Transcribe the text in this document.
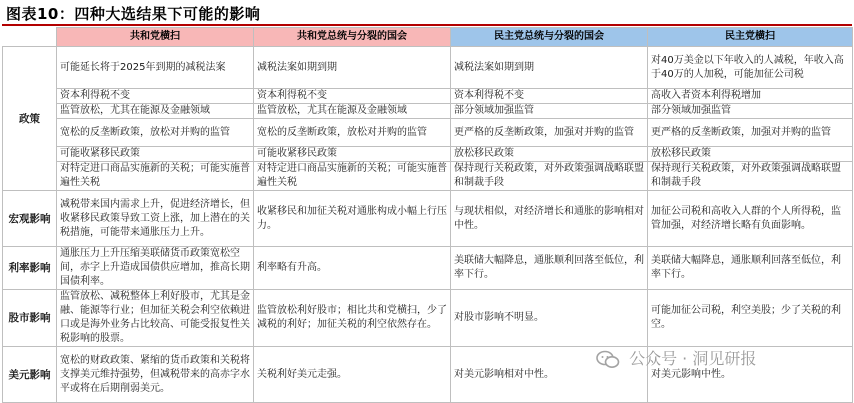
图表10：四种大选结果下可能的影响
	共和党横扫	共和党总统与分裂的国会	民主党总统与分裂的国会	民主党横扫
政策	可能延长将于2025年到期的减税法案	减税法案如期到期	减税法案如期到期	对40万美金以下年收入的人减税，年收入高于40万的人加税，可能加征公司税
	资本利得税不变	资本利得税不变	资本利得税不变	高收入者资本利得税增加
	监管放松，尤其在能源及金融领域	监管放松，尤其在能源及金融领域	部分领域加强监管	部分领域加强监管
	宽松的反垄断政策，放松对并购的监管	宽松的反垄断政策，放松对并购的监管	更严格的反垄断政策，加强对并购的监管	更严格的反垄断政策，加强对并购的监管
	可能收紧移民政策	可能收紧移民政策	放松移民政策	放松移民政策
	对特定进口商品实施新的关税；可能实施普遍性关税	对特定进口商品实施新的关税；可能实施普遍性关税	保持现行关税政策，对外政策强调战略联盟和制裁手段	保持现行关税政策，对外政策强调战略联盟和制裁手段
宏观影响	减税带来国内需求上升，促进经济增长，但收紧移民政策导致工资上涨，加上潜在的关税措施，可能带来通胀压力上升。	收紧移民和加征关税对通胀构成小幅上行压力。	与现状相似，对经济增长和通胀的影响相对中性。	加征公司税和高收入人群的个人所得税，监管加强，对经济增长略有负面影响。
利率影响	通胀压力上升压缩美联储货币政策宽松空间，赤字上升造成国债供应增加，推高长期国债利率。	利率略有升高。	美联储大幅降息，通胀顺利回落至低位，利率下行。	美联储大幅降息，通胀顺利回落至低位，利率下行。
股市影响	监管放松、减税整体上利好股市，尤其是金融、能源等行业；但加征关税会利空依赖进口或是海外业务占比较高、可能受报复性关税影响的股票。	监管放松利好股市；相比共和党横扫，少了减税的利好；加征关税的利空依然存在。	对股市影响不明显。	可能加征公司税，利空美股；少了关税的利空。
美元影响	宽松的财政政策、紧缩的货币政策和关税将支撑美元维持强势，但减税带来的高赤字水平或将在后期削弱美元。	关税利好美元走强。	对美元影响相对中性。	对美元影响中性。
公众号 · 洞见研报
